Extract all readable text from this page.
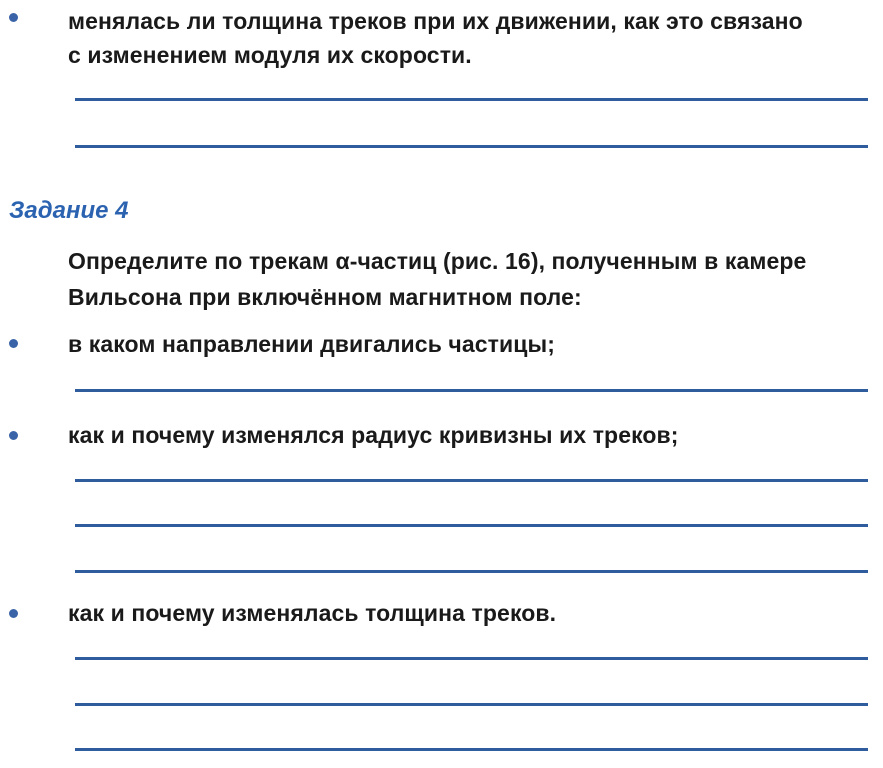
менялась ли толщина треков при их движении, как это связано
с изменением модуля их скорости.
Задание 4
Определите по трекам α-частиц (рис. 16), полученным в камере
Вильсона при включённом магнитном поле:
в каком направлении двигались частицы;
как и почему изменялся радиус кривизны их треков;
как и почему изменялась толщина треков.
